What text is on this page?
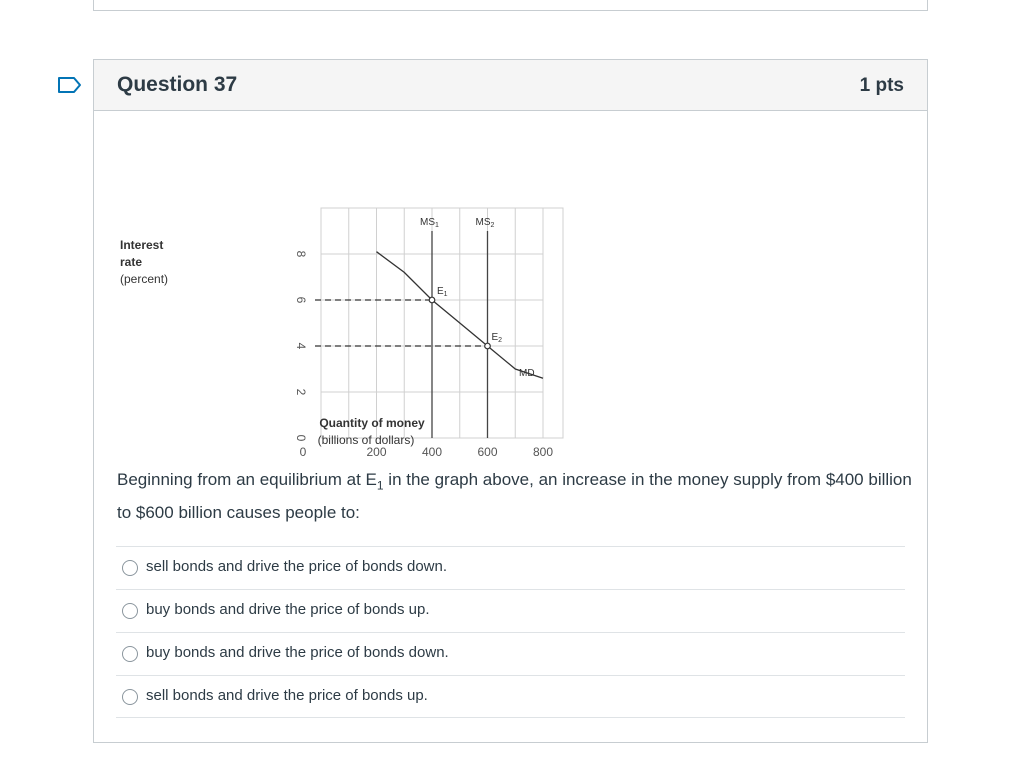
Question 37	1 pts
Interest
rate
(percent)
0
2
4
6
8
0	200	400	600	800
$MS_1$	$MS_2$
$E_1$
$E_2$
MD
Quantity of money
(billions of dollars)
Beginning from an equilibrium at $E_1$ in the graph above, an increase in the money supply from $400 billion to $600 billion causes people to:
sell bonds and drive the price of bonds down.
buy bonds and drive the price of bonds up.
buy bonds and drive the price of bonds down.
sell bonds and drive the price of bonds up.
